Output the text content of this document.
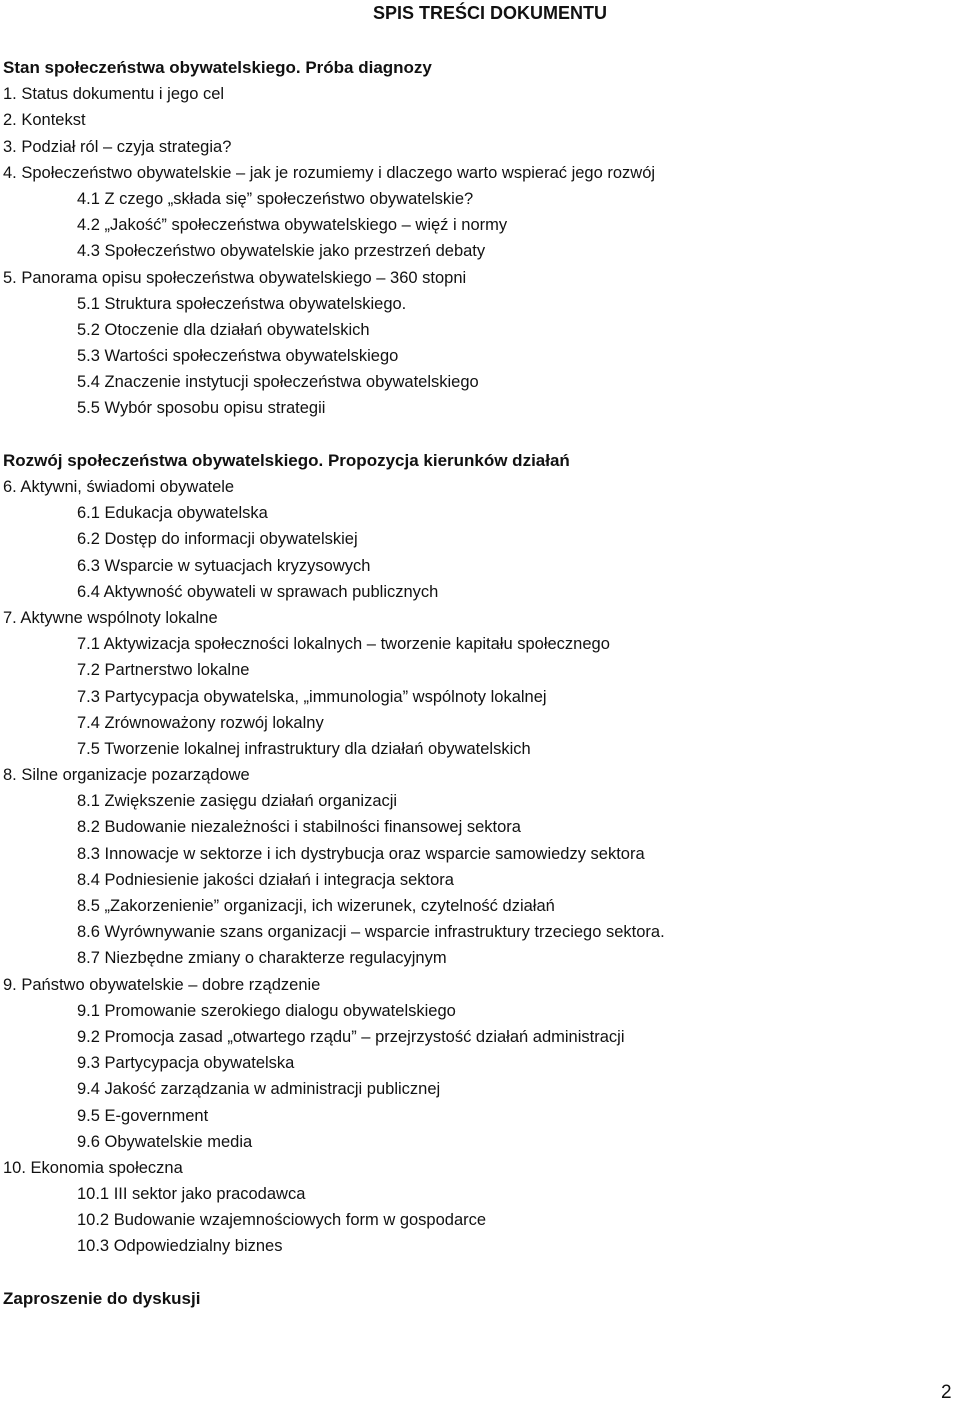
SPIS TREŚCI DOKUMENTU
Stan społeczeństwa obywatelskiego. Próba diagnozy
1. Status dokumentu i jego cel
2. Kontekst
3. Podział ról – czyja strategia?
4. Społeczeństwo obywatelskie – jak je rozumiemy i dlaczego warto wspierać jego rozwój
4.1 Z czego „składa się” społeczeństwo obywatelskie?
4.2 „Jakość” społeczeństwa obywatelskiego – więź i normy
4.3 Społeczeństwo obywatelskie jako przestrzeń debaty
5. Panorama opisu społeczeństwa obywatelskiego – 360 stopni
5.1 Struktura społeczeństwa obywatelskiego.
5.2 Otoczenie dla działań obywatelskich
5.3 Wartości społeczeństwa obywatelskiego
5.4 Znaczenie instytucji społeczeństwa obywatelskiego
5.5 Wybór sposobu opisu strategii
Rozwój społeczeństwa obywatelskiego. Propozycja kierunków działań
6. Aktywni, świadomi obywatele
6.1 Edukacja obywatelska
6.2 Dostęp do informacji obywatelskiej
6.3 Wsparcie w sytuacjach kryzysowych
6.4 Aktywność obywateli w sprawach publicznych
7. Aktywne wspólnoty lokalne
7.1 Aktywizacja społeczności lokalnych – tworzenie kapitału społecznego
7.2 Partnerstwo lokalne
7.3 Partycypacja obywatelska, „immunologia” wspólnoty lokalnej
7.4 Zrównoważony rozwój lokalny
7.5 Tworzenie lokalnej infrastruktury dla działań obywatelskich
8. Silne organizacje pozarządowe
8.1 Zwiększenie zasięgu działań organizacji
8.2 Budowanie niezależności i stabilności finansowej sektora
8.3 Innowacje w sektorze i ich dystrybucja oraz wsparcie samowiedzy sektora
8.4 Podniesienie jakości działań i integracja sektora
8.5 „Zakorzenienie” organizacji, ich wizerunek, czytelność działań
8.6 Wyrównywanie szans organizacji – wsparcie infrastruktury trzeciego sektora.
8.7 Niezbędne zmiany o charakterze regulacyjnym
9. Państwo obywatelskie – dobre rządzenie
9.1 Promowanie szerokiego dialogu obywatelskiego
9.2 Promocja zasad „otwartego rządu” – przejrzystość działań administracji
9.3 Partycypacja obywatelska
9.4 Jakość zarządzania w administracji publicznej
9.5 E-government
9.6 Obywatelskie media
10. Ekonomia społeczna
10.1 III sektor jako pracodawca
10.2 Budowanie wzajemnościowych form w gospodarce
10.3 Odpowiedzialny biznes
Zaproszenie do dyskusji
2
